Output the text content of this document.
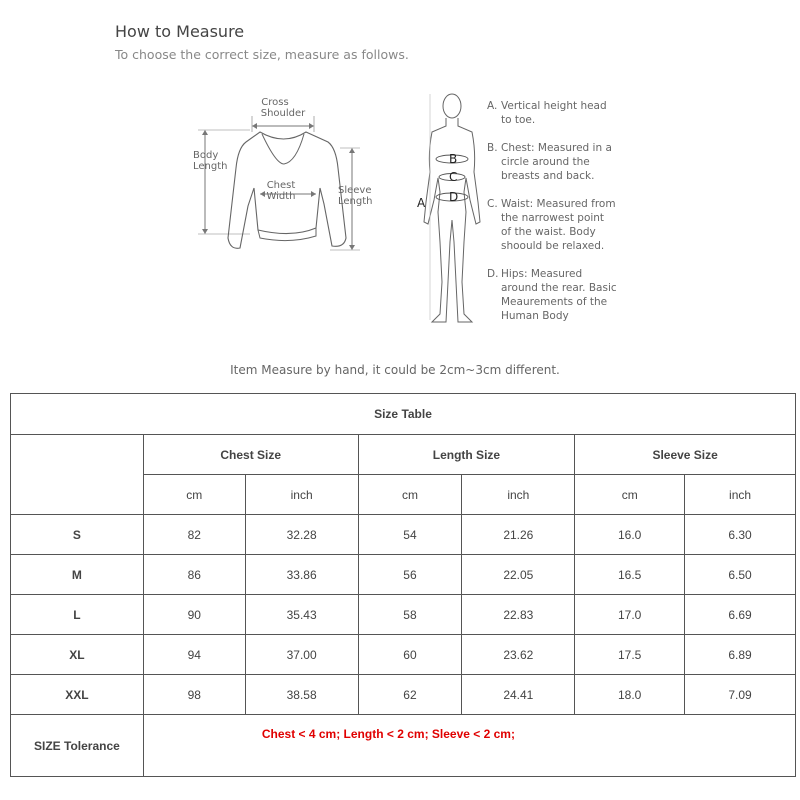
How to Measure
To choose the correct size, measure as follows.
Cross
Shoulder
Body
Length
Sleeve
Length
Chest
Width	A
B
C
D
A. Vertical height head to toe.
B. Chest: Measured in a circle around the breasts and back.
C. Waist: Measured from the narrowest point of the waist. Body shoould be relaxed.
D. Hips: Measured around the rear. Basic Meaurements of the Human Body
Item Measure by hand, it could be 2cm~3cm different.
Size Table						
	Chest Size		Length Size		Sleeve Size	
	cm	inch	cm	inch	cm	inch
S	82	32.28	54	21.26	16.0	6.30
M	86	33.86	56	22.05	16.5	6.50
L	90	35.43	58	22.83	17.0	6.69
XL	94	37.00	60	23.62	17.5	6.89
XXL	98	38.58	62	24.41	18.0	7.09
SIZE Tolerance	Chest < 4 cm; Length < 2 cm; Sleeve < 2 cm;					
